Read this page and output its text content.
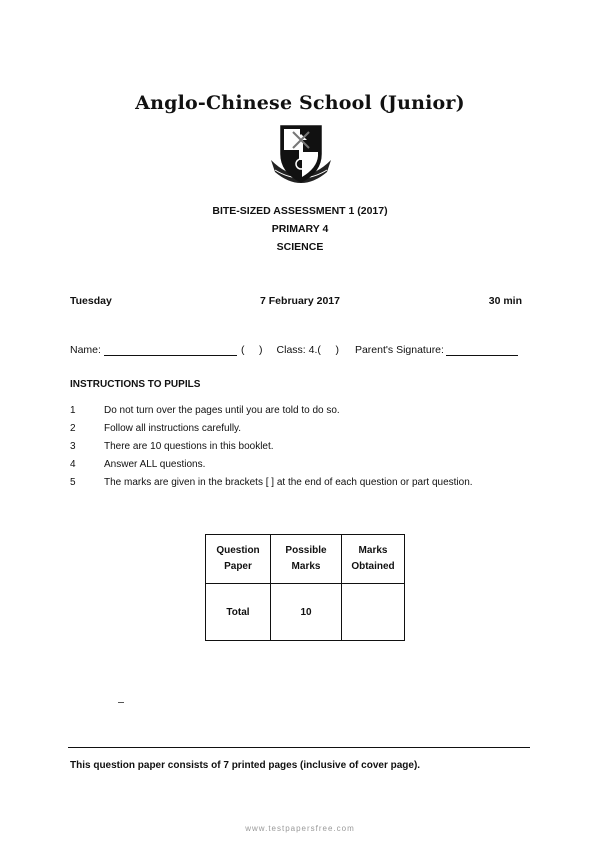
Anglo-Chinese School (Junior)
BITE-SIZED ASSESSMENT 1 (2017)
PRIMARY 4
SCIENCE
Tuesday	7 February 2017	30 min
Name:	(     ) Class: 4.(     ) Parent's Signature:
INSTRUCTIONS TO PUPILS
1	Do not turn over the pages until you are told to do so.
2	Follow all instructions carefully.
3	There are 10 questions in this booklet.
4	Answer ALL questions.
5	The marks are given in the brackets [ ] at the end of each question or part question.
Question Paper	Possible Marks	Marks Obtained
Total	10	
This question paper consists of 7 printed pages (inclusive of cover page).
www.testpapersfree.com
